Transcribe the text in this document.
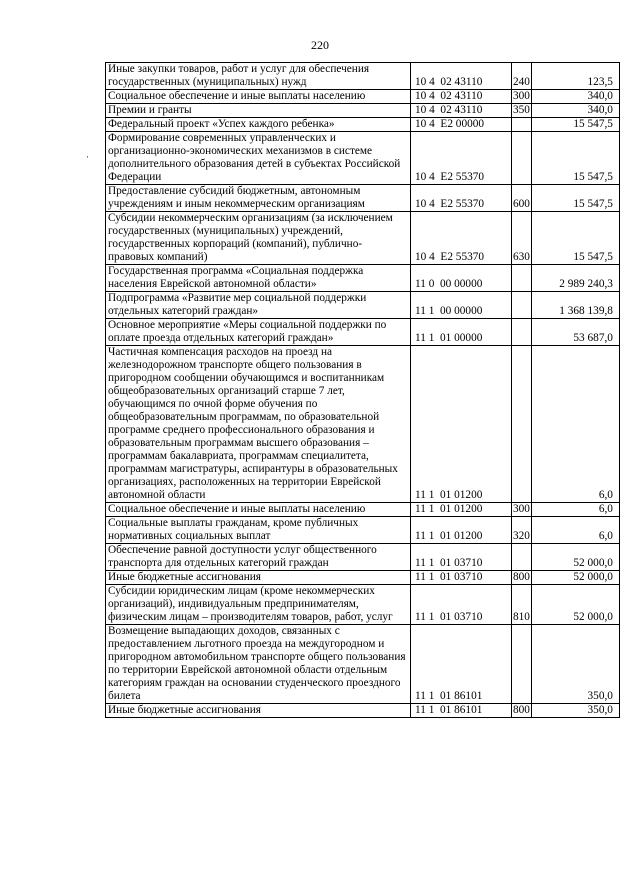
220
·
Иные закупки товаров, работ и услуг для обеспечения государственных (муниципальных) нужд	10 4  02 43110	240	123,5
Социальное обеспечение и иные выплаты населению	10 4  02 43110	300	340,0
Премии и гранты	10 4  02 43110	350	340,0
Федеральный проект «Успех каждого ребенка»	10 4  E2 00000		15 547,5
Формирование современных управленческих и организационно-экономических механизмов в системе дополнительного образования детей в субъектах Российской Федерации	10 4  E2 55370		15 547,5
Предоставление субсидий бюджетным, автономным учреждениям и иным некоммерческим организациям	10 4  E2 55370	600	15 547,5
Субсидии некоммерческим организациям (за исключением государственных (муниципальных) учреждений, государственных корпораций (компаний), публично-правовых компаний)	10 4  E2 55370	630	15 547,5
Государственная программа «Социальная поддержка населения Еврейской автономной области»	11 0  00 00000		2 989 240,3
Подпрограмма «Развитие мер социальной поддержки отдельных категорий граждан»	11 1  00 00000		1 368 139,8
Основное мероприятие «Меры социальной поддержки по оплате проезда отдельных категорий граждан»	11 1  01 00000		53 687,0
Частичная компенсация расходов на проезд на железнодорожном транспорте общего пользования в пригородном сообщении обучающимся и воспитанникам общеобразовательных организаций старше 7 лет, обучающимся по очной форме обучения по общеобразовательным программам, по образовательной программе среднего профессионального образования и образовательным программам высшего образования – программам бакалавриата, программам специалитета, программам магистратуры, аспирантуры в образовательных организациях, расположенных на территории Еврейской автономной области	11 1  01 01200		6,0
Социальное обеспечение и иные выплаты населению	11 1  01 01200	300	6,0
Социальные выплаты гражданам, кроме публичных нормативных социальных выплат	11 1  01 01200	320	6,0
Обеспечение равной доступности услуг общественного транспорта для отдельных категорий граждан	11 1  01 03710		52 000,0
Иные бюджетные ассигнования	11 1  01 03710	800	52 000,0
Субсидии юридическим лицам (кроме некоммерческих организаций), индивидуальным предпринимателям, физическим лицам – производителям товаров, работ, услуг	11 1  01 03710	810	52 000,0
Возмещение выпадающих доходов, связанных с предоставлением льготного проезда на междугородном и пригородном автомобильном транспорте общего пользования по территории Еврейской автономной области отдельным категориям граждан на основании студенческого проездного билета	11 1  01 86101		350,0
Иные бюджетные ассигнования	11 1  01 86101	800	350,0
